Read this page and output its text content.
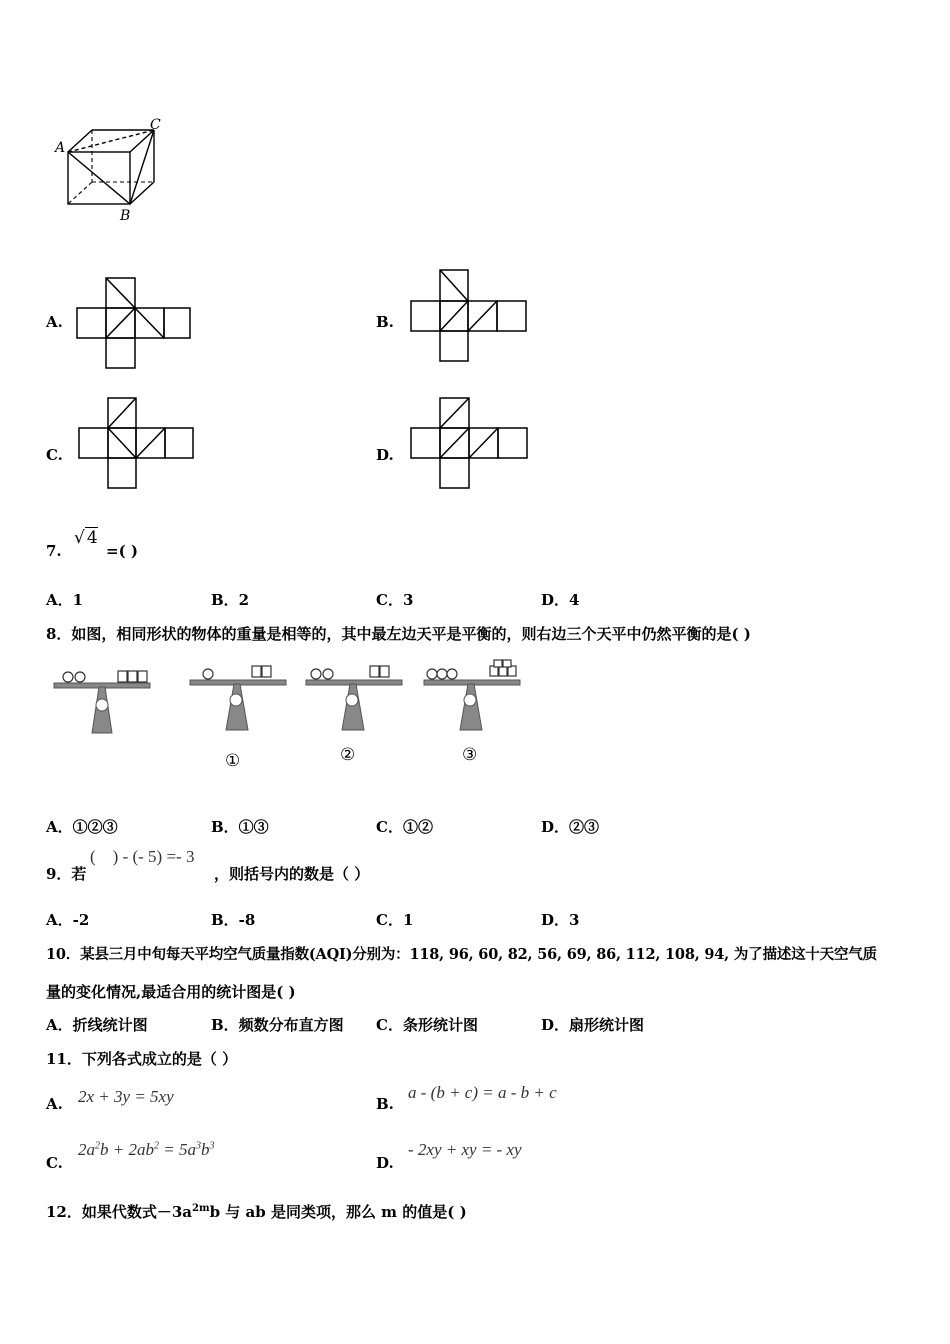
A
C
B
A.	B.
C.	D.
7.
√ 4
=( )
A．1	B．2	C．3	D．4
8．如图，相同形状的物体的重量是相等的，其中最左边天平是平衡的，则右边三个天平中仍然平衡的是( )
①	②	③
A．①②③	B．①③	C．①②	D．②③
9．若
(    ) - (- 5) =- 3
，则括号内的数是（ ）
A．-2	B．-8	C．1	D．3
10．某县三月中旬每天平均空气质量指数(AQI)分别为：118, 96, 60, 82, 56, 69, 86, 112, 108, 94, 为了描述这十天空气质
量的变化情况,最适合用的统计图是( )
A．折线统计图	B．频数分布直方图 C．条形统计图	D．扇形统计图
11．下列各式成立的是（ ）
A. 2x + 3y = 5xy	B.
a - (b + c) = a - b + c
C.
$2a^2b + 2ab^2 = 5a^3b^3$
D.
- 2xy + xy = - xy
12．如果代数式$-3a^{2m}b$ 与 ab 是同类项，那么 m 的值是( )
